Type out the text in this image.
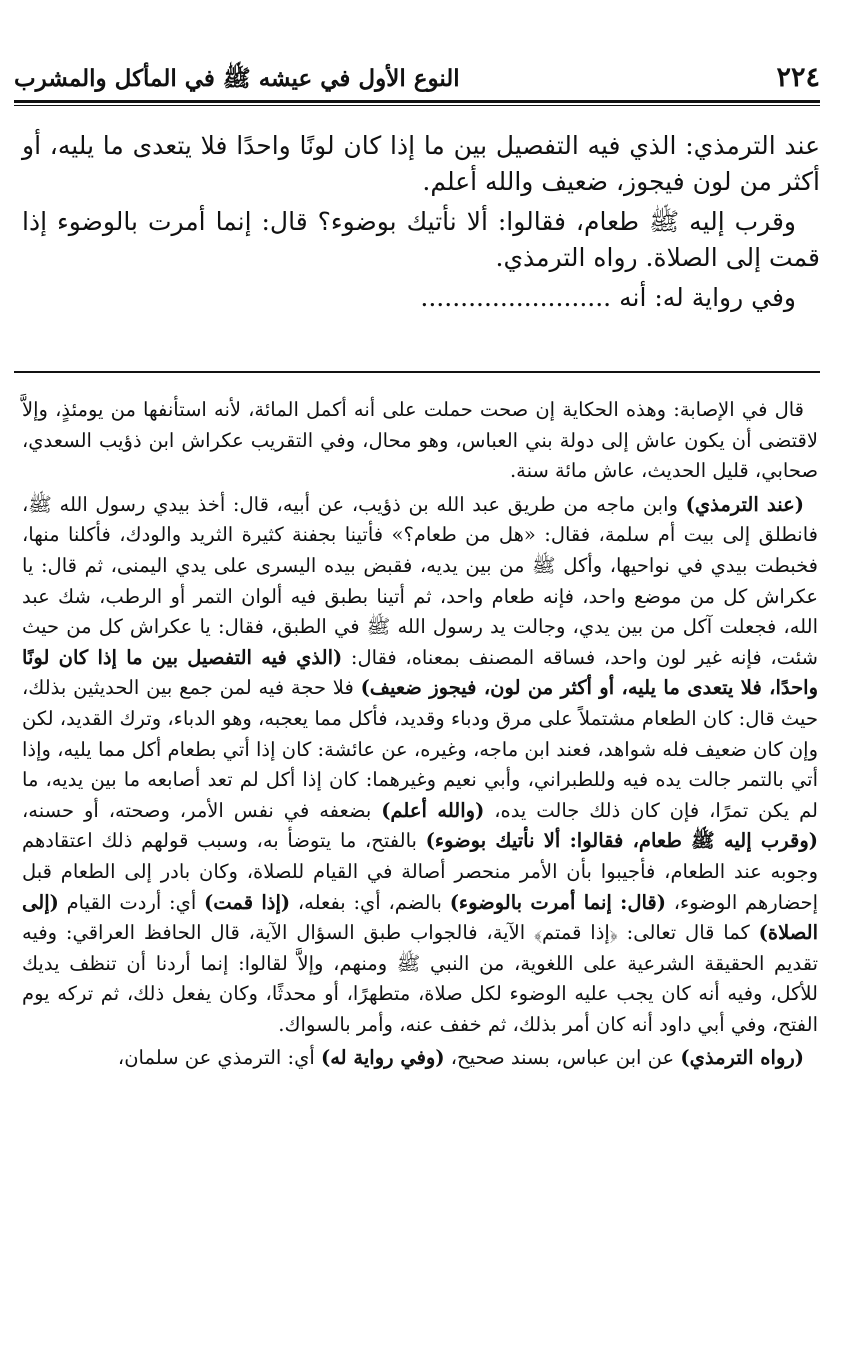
٢٢٤
النوع الأول في عيشه ﷺ في المأكل والمشرب

عند الترمذي: الذي فيه التفصيل بين ما إذا كان لونًا واحدًا فلا يتعدى ما يليه، أو أكثر من لون فيجوز، ضعيف والله أعلم.

وقرب إليه ﷺ طعام، فقالوا: ألا نأتيك بوضوء؟ قال: إنما أمرت بالوضوء إذا قمت إلى الصلاة. رواه الترمذي.

وفي رواية له: أنه ........................

قال في الإصابة: وهذه الحكاية إن صحت حملت على أنه أكمل المائة، لأنه استأنفها من يومئذٍ، وإلاَّ لاقتضى أن يكون عاش إلى دولة بني العباس، وهو محال، وفي التقريب عكراش ابن ذؤيب السعدي، صحابي، قليل الحديث، عاش مائة سنة.

(عند الترمذي) وابن ماجه من طريق عبد الله بن ذؤيب، عن أبيه، قال: أخذ بيدي رسول الله ﷺ، فانطلق إلى بيت أم سلمة، فقال: «هل من طعام؟» فأتينا بجفنة كثيرة الثريد والودك، فأكلنا منها، فخبطت بيدي في نواحيها، وأكل ﷺ من بين يديه، فقبض بيده اليسرى على يدي اليمنى، ثم قال: يا عكراش كل من موضع واحد، فإنه طعام واحد، ثم أتينا بطبق فيه ألوان التمر أو الرطب، شك عبد الله، فجعلت آكل من بين يدي، وجالت يد رسول الله ﷺ في الطبق، فقال: يا عكراش كل من حيث شئت، فإنه غير لون واحد، فساقه المصنف بمعناه، فقال: (الذي فيه التفصيل بين ما إذا كان لونًا واحدًا، فلا يتعدى ما يليه، أو أكثر من لون، فيجوز ضعيف) فلا حجة فيه لمن جمع بين الحديثين بذلك، حيث قال: كان الطعام مشتملاً على مرق ودباء وقديد، فأكل مما يعجبه، وهو الدباء، وترك القديد، لكن وإن كان ضعيف فله شواهد، فعند ابن ماجه، وغيره، عن عائشة: كان إذا أتي بطعام أكل مما يليه، وإذا أتي بالتمر جالت يده فيه وللطبراني، وأبي نعيم وغيرهما: كان إذا أكل لم تعد أصابعه ما بين يديه، ما لم يكن تمرًا، فإن كان ذلك جالت يده، (والله أعلم) بضعفه في نفس الأمر، وصحته، أو حسنه، (وقرب إليه ﷺ طعام، فقالوا: ألا نأتيك بوضوء) بالفتح، ما يتوضأ به، وسبب قولهم ذلك اعتقادهم وجوبه عند الطعام، فأجيبوا بأن الأمر منحصر أصالة في القيام للصلاة، وكان بادر إلى الطعام قبل إحضارهم الوضوء، (قال: إنما أمرت بالوضوء) بالضم، أي: بفعله، (إذا قمت) أي: أردت القيام (إلى الصلاة) كما قال تعالى: ﴿إذا قمتم﴾ الآية، فالجواب طبق السؤال الآية، قال الحافظ العراقي: وفيه تقديم الحقيقة الشرعية على اللغوية، من النبي ﷺ ومنهم، وإلاَّ لقالوا: إنما أردنا أن تنظف يديك للأكل، وفيه أنه كان يجب عليه الوضوء لكل صلاة، متطهرًا، أو محدثًا، وكان يفعل ذلك، ثم تركه يوم الفتح، وفي أبي داود أنه كان أمر بذلك، ثم خفف عنه، وأمر بالسواك.

(رواه الترمذي) عن ابن عباس، بسند صحيح، (وفي رواية له) أي: الترمذي عن سلمان،
